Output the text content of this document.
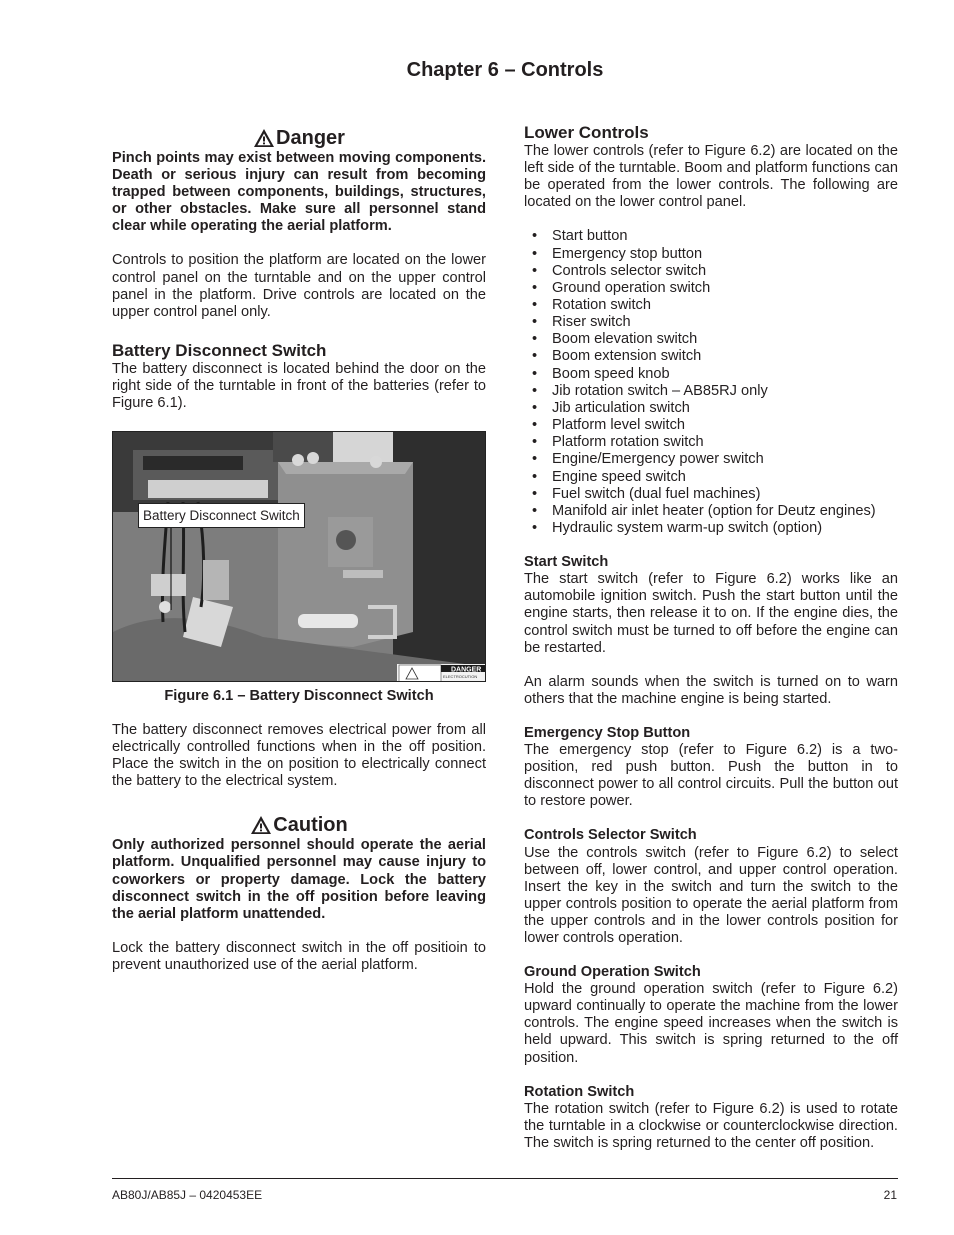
Chapter 6 – Controls
Danger

Pinch points may exist between moving components. Death or serious injury can result from becoming trapped between components, buildings, structures, or other obstacles. Make sure all personnel stand clear while operating the aerial platform.

Controls to position the platform are located on the lower control panel on the turntable and on the upper control panel in the platform. Drive controls are located on the upper control panel only.

Battery Disconnect Switch

The battery disconnect is located behind the door on the right side of the turntable in front of the batteries (refer to Figure 6.1).

DANGER
ELECTROCUTION
Battery Disconnect Switch
Figure 6.1 – Battery Disconnect Switch

The battery disconnect removes electrical power from all electrically controlled functions when in the off position. Place the switch in the on position to electrically connect the battery to the electrical system.

Caution

Only authorized personnel should operate the aerial platform. Unqualified personnel may cause injury to coworkers or property damage. Lock the battery disconnect switch in the off position before leaving the aerial platform unattended.

Lock the battery disconnect switch in the off positioin to prevent unauthorized use of the aerial platform.

Lower Controls

The lower controls (refer to Figure 6.2) are located on the left side of the turntable. Boom and platform functions can be operated from the lower controls. The following are located on the lower control panel.

• Start button
• Emergency stop button
• Controls selector switch
• Ground operation switch
• Rotation switch
• Riser switch
• Boom elevation switch
• Boom extension switch
• Boom speed knob
• Jib rotation switch – AB85RJ only
• Jib articulation switch
• Platform level switch
• Platform rotation switch
• Engine/Emergency power switch
• Engine speed switch
• Fuel switch (dual fuel machines)
• Manifold air inlet heater (option for Deutz engines)
• Hydraulic system warm-up switch (option)
Start Switch

The start switch (refer to Figure 6.2) works like an automobile ignition switch. Push the start button until the engine starts, then release it to on. If the engine dies, the control switch must be turned to off before the engine can be restarted.

An alarm sounds when the switch is turned on to warn others that the machine engine is being started.

Emergency Stop Button

The emergency stop (refer to Figure 6.2) is a two-position, red push button. Push the button in to disconnect power to all control circuits. Pull the button out to restore power.

Controls Selector Switch

Use the controls switch (refer to Figure 6.2) to select between off, lower control, and upper control operation. Insert the key in the switch and turn the switch to the upper controls position to operate the aerial platform from the upper controls and in the lower controls position for lower controls operation.

Ground Operation Switch

Hold the ground operation switch (refer to Figure 6.2) upward continually to operate the machine from the lower controls. The engine speed increases when the switch is held upward. This switch is spring returned to the off position.

Rotation Switch

The rotation switch (refer to Figure 6.2) is used to rotate the turntable in a clockwise or counterclockwise direction. The switch is spring returned to the center off position.

AB80J/AB85J – 0420453EE	21
